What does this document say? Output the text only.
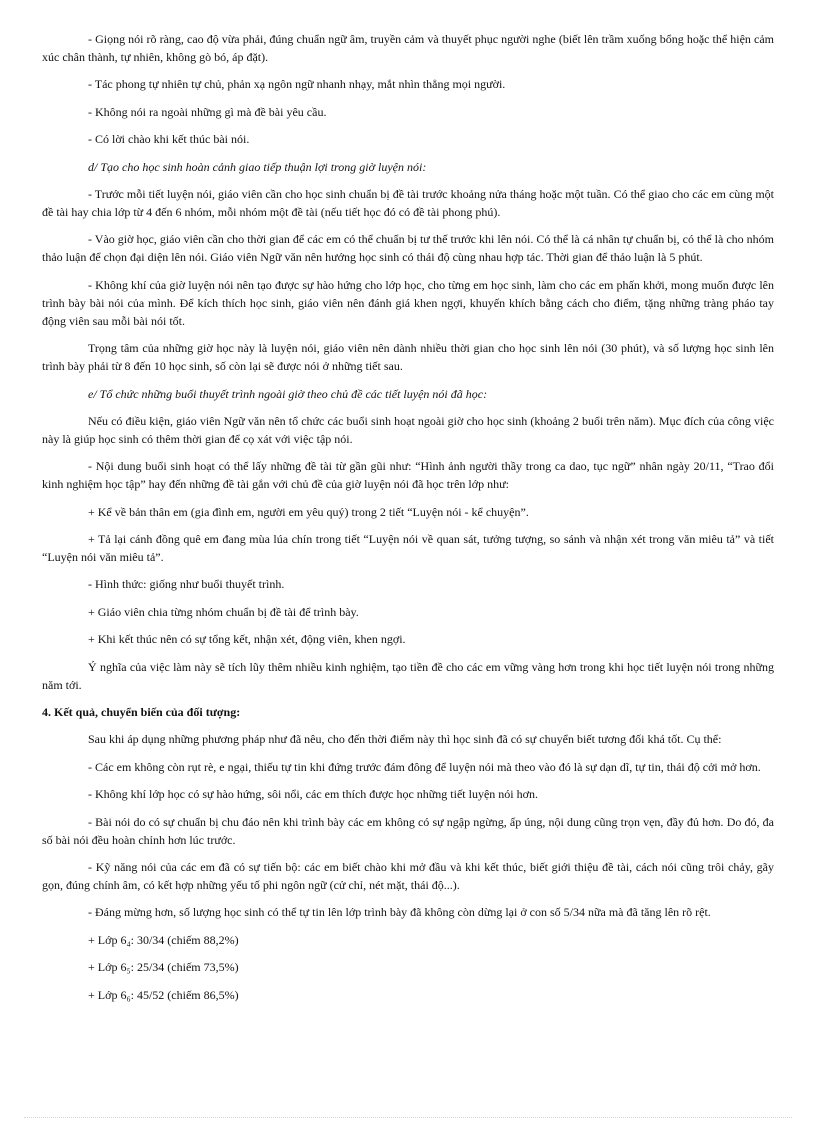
- Giọng nói rõ ràng, cao độ vừa phải, đúng chuẩn ngữ âm, truyền cảm và thuyết phục người nghe (biết lên trầm xuống bổng hoặc thể hiện cảm xúc chân thành, tự nhiên, không gò bó, áp đặt).

- Tác phong tự nhiên tự chủ, phản xạ ngôn ngữ nhanh nhạy, mắt nhìn thẳng mọi người.

- Không nói ra ngoài những gì mà đề bài yêu cầu.

- Có lời chào khi kết thúc bài nói.

d/ Tạo cho học sinh hoàn cảnh giao tiếp thuận lợi trong giờ luyện nói:

- Trước mỗi tiết luyện nói, giáo viên cần cho học sinh chuẩn bị đề tài trước khoảng nửa tháng hoặc một tuần. Có thể giao cho các em cùng một đề tài hay chia lớp từ 4 đến 6 nhóm, mỗi nhóm một đề tài (nếu tiết học đó có đề tài phong phú).

- Vào giờ học, giáo viên cần cho thời gian để các em có thể chuẩn bị tư thế trước khi lên nói. Có thể là cá nhân tự chuẩn bị, có thể là cho nhóm thảo luận để chọn đại diện lên nói. Giáo viên Ngữ văn nên hướng học sinh có thái độ cùng nhau hợp tác. Thời gian để thảo luận là 5 phút.

- Không khí của giờ luyện nói nên tạo được sự hào hứng cho lớp học, cho từng em học sinh, làm cho các em phấn khởi, mong muốn được lên trình bày bài nói của mình. Để kích thích học sinh, giáo viên nên đánh giá khen ngợi, khuyến khích bằng cách cho điểm, tặng những tràng pháo tay động viên sau mỗi bài nói tốt.

Trọng tâm của những giờ học này là luyện nói, giáo viên nên dành nhiều thời gian cho học sinh lên nói (30 phút), và số lượng học sinh lên trình bày phải từ 8 đến 10 học sinh, số còn lại sẽ được nói ở những tiết sau.

e/ Tổ chức những buổi thuyết trình ngoài giờ theo chủ đề các tiết luyện nói đã học:

Nếu có điều kiện, giáo viên Ngữ văn nên tổ chức các buổi sinh hoạt ngoài giờ cho học sinh (khoảng 2 buổi trên năm). Mục đích của công việc này là giúp học sinh có thêm thời gian để cọ xát với việc tập nói.

- Nội dung buổi sinh hoạt có thể lấy những đề tài từ gần gũi như: “Hình ảnh người thầy trong ca dao, tục ngữ” nhân ngày 20/11, “Trao đổi kinh nghiệm học tập” hay đến những đề tài gắn với chủ đề của giờ luyện nói đã học trên lớp như:

+ Kể về bản thân em (gia đình em, người em yêu quý) trong 2 tiết “Luyện nói - kể chuyện”.

+ Tả lại cánh đồng quê em đang mùa lúa chín trong tiết “Luyện nói về quan sát, tưởng tượng, so sánh và nhận xét trong văn miêu tả” và tiết “Luyện nói văn miêu tả”.

- Hình thức: giống như buổi thuyết trình.

+ Giáo viên chia từng nhóm chuẩn bị đề tài để trình bày.

+ Khi kết thúc nên có sự tổng kết, nhận xét, động viên, khen ngợi.

Ý nghĩa của việc làm này sẽ tích lũy thêm nhiều kinh nghiệm, tạo tiền đề cho các em vững vàng hơn trong khi học tiết luyện nói trong những năm tới.

4. Kết quả, chuyển biến của đối tượng:

Sau khi áp dụng những phương pháp như đã nêu, cho đến thời điểm này thì học sinh đã có sự chuyển biết tương đối khá tốt. Cụ thể:

- Các em không còn rụt rè, e ngại, thiếu tự tin khi đứng trước đám đông để luyện nói mà theo vào đó là sự dạn dĩ, tự tin, thái độ cởi mở hơn.

- Không khí lớp học có sự hào hứng, sôi nổi, các em thích được học những tiết luyện nói hơn.

- Bài nói do có sự chuẩn bị chu đáo nên khi trình bày các em không có sự ngập ngừng, ấp úng, nội dung cũng trọn vẹn, đầy đủ hơn. Do đó, đa số bài nói đều hoàn chỉnh hơn lúc trước.

- Kỹ năng nói của các em đã có sự tiến bộ: các em biết chào khi mở đầu và khi kết thúc, biết giới thiệu đề tài, cách nói cũng trôi chảy, gãy gọn, đúng chính âm, có kết hợp những yếu tố phi ngôn ngữ (cử chỉ, nét mặt, thái độ...).

- Đáng mừng hơn, số lượng học sinh có thể tự tin lên lớp trình bày đã không còn dừng lại ở con số 5/34 nữa mà đã tăng lên rõ rệt.

+ Lớp 6₄: 30/34 (chiếm 88,2%)

+ Lớp 6₅: 25/34 (chiếm 73,5%)

+ Lớp 6₆: 45/52 (chiếm 86,5%)
